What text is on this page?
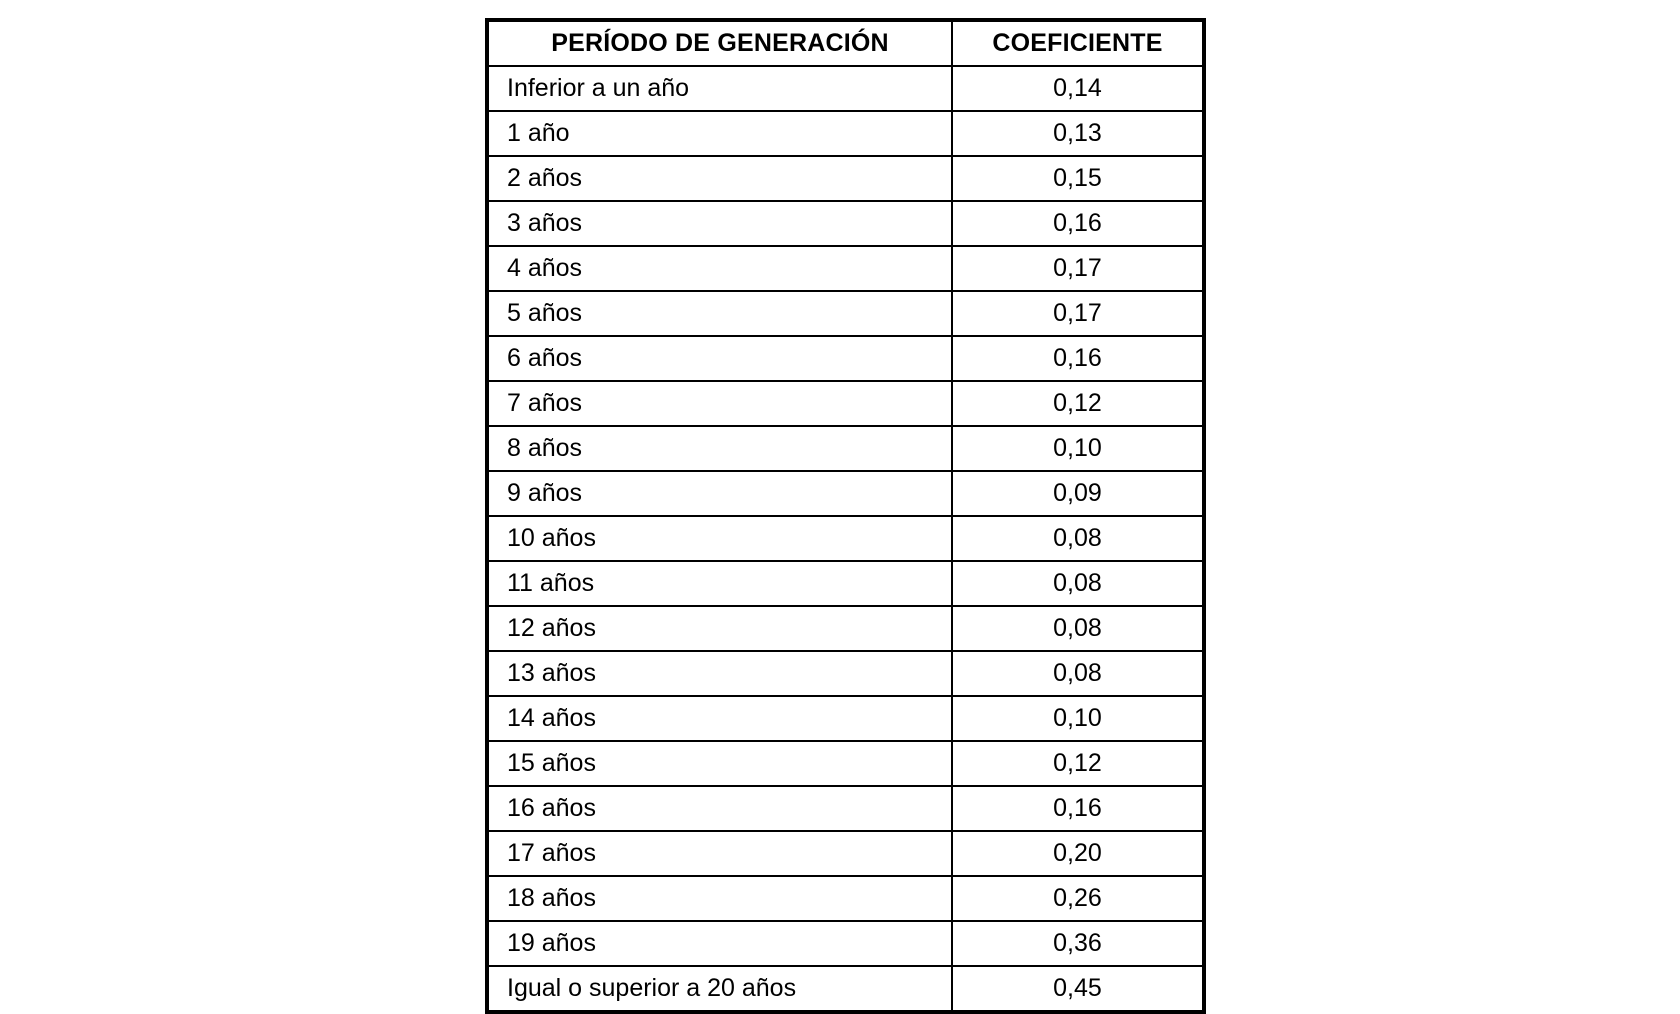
PERÍODO DE GENERACIÓN	COEFICIENTE
Inferior a un año	0,14
1 año	0,13
2 años	0,15
3 años	0,16
4 años	0,17
5 años	0,17
6 años	0,16
7 años	0,12
8 años	0,10
9 años	0,09
10 años	0,08
11 años	0,08
12 años	0,08
13 años	0,08
14 años	0,10
15 años	0,12
16 años	0,16
17 años	0,20
18 años	0,26
19 años	0,36
Igual o superior a 20 años	0,45
